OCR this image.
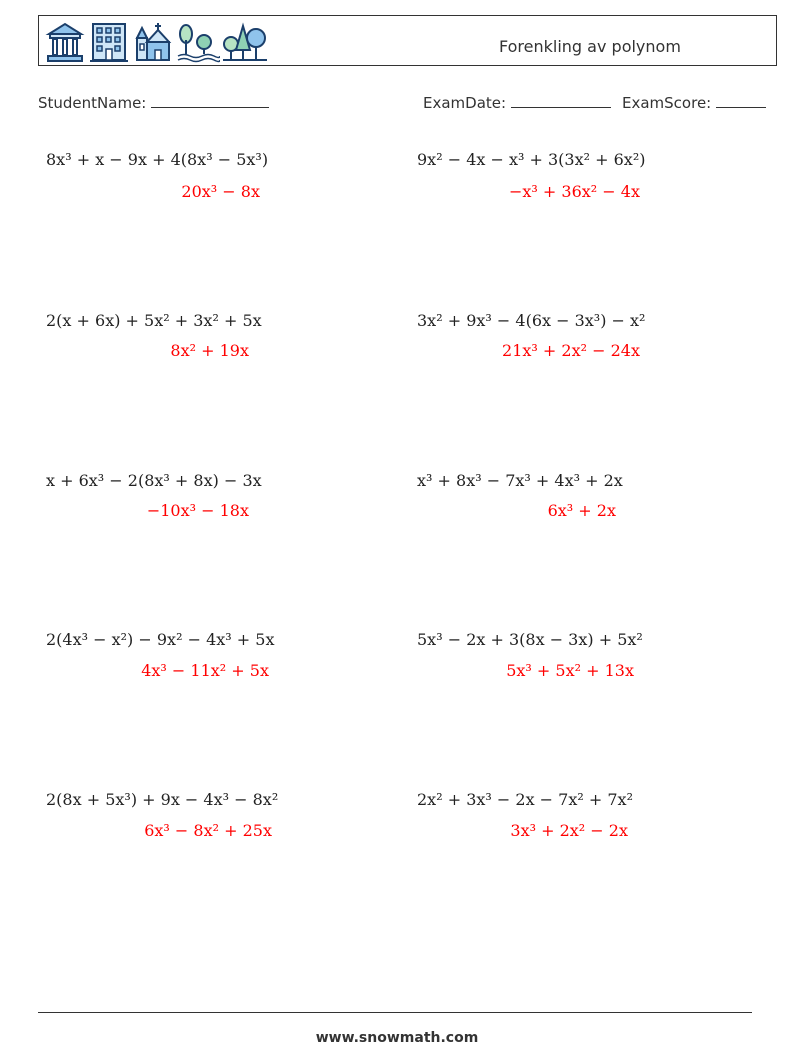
Forenkling av polynom
StudentName:	ExamDate:	ExamScore:
8x³ + x − 9x + 4(8x³ − 5x³)
20x³ − 8x
2(x + 6x) + 5x² + 3x² + 5x
8x² + 19x
x + 6x³ − 2(8x³ + 8x) − 3x
−10x³ − 18x
2(4x³ − x²) − 9x² − 4x³ + 5x
4x³ − 11x² + 5x
2(8x + 5x³) + 9x − 4x³ − 8x²
6x³ − 8x² + 25x
9x² − 4x − x³ + 3(3x² + 6x²)
−x³ + 36x² − 4x
3x² + 9x³ − 4(6x − 3x³) − x²
21x³ + 2x² − 24x
x³ + 8x³ − 7x³ + 4x³ + 2x
6x³ + 2x
5x³ − 2x + 3(8x − 3x) + 5x²
5x³ + 5x² + 13x
2x² + 3x³ − 2x − 7x² + 7x²
3x³ + 2x² − 2x
www.snowmath.com
